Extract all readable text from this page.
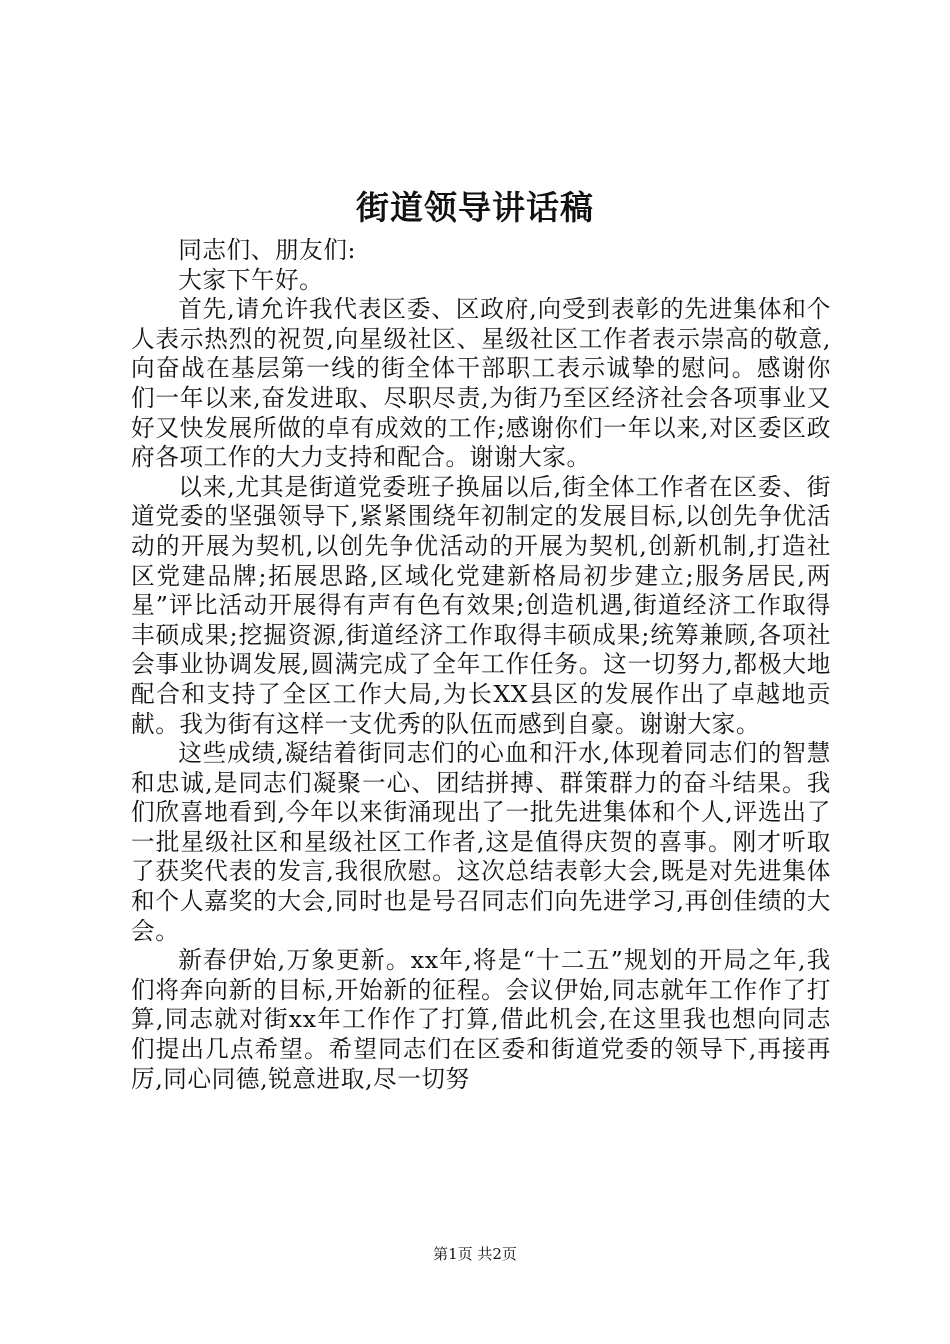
街道领导讲话稿

同志们、朋友们:

大家下午好。

首先,请允许我代表区委、区政府,向受到表彰的先进集体和个人表示热烈的祝贺,向星级社区、星级社区工作者表示崇高的敬意,向奋战在基层第一线的街全体干部职工表示诚挚的慰问。感谢你们一年以来,奋发进取、尽职尽责,为街乃至区经济社会各项事业又好又快发展所做的卓有成效的工作;感谢你们一年以来,对区委区政府各项工作的大力支持和配合。谢谢大家。

以来,尤其是街道党委班子换届以后,街全体工作者在区委、街道党委的坚强领导下,紧紧围绕年初制定的发展目标,以创先争优活动的开展为契机,以创先争优活动的开展为契机,创新机制,打造社区党建品牌;拓展思路,区域化党建新格局初步建立;服务居民,两星”评比活动开展得有声有色有效果;创造机遇,街道经济工作取得丰硕成果;挖掘资源,街道经济工作取得丰硕成果;统筹兼顾,各项社会事业协调发展,圆满完成了全年工作任务。这一切努力,都极大地配合和支持了全区工作大局,为长XX县区的发展作出了卓越地贡献。我为街有这样一支优秀的队伍而感到自豪。谢谢大家。

这些成绩,凝结着街同志们的心血和汗水,体现着同志们的智慧和忠诚,是同志们凝聚一心、团结拼搏、群策群力的奋斗结果。我们欣喜地看到,今年以来街涌现出了一批先进集体和个人,评选出了一批星级社区和星级社区工作者,这是值得庆贺的喜事。刚才听取了获奖代表的发言,我很欣慰。这次总结表彰大会,既是对先进集体和个人嘉奖的大会,同时也是号召同志们向先进学习,再创佳绩的大会。

新春伊始,万象更新。xx年,将是“十二五”规划的开局之年,我们将奔向新的目标,开始新的征程。会议伊始,同志就年工作作了打算,同志就对街xx年工作作了打算,借此机会,在这里我也想向同志们提出几点希望。希望同志们在区委和街道党委的领导下,再接再厉,同心同德,锐意进取,尽一切努

第1页 共2页
